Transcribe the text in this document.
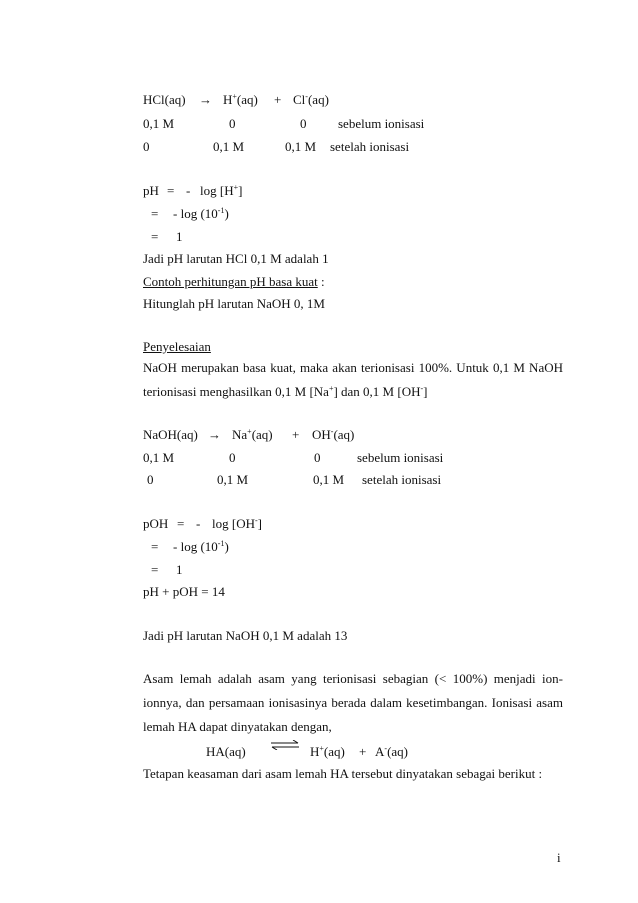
HCl(aq) → H+(aq) + Cl-(aq)
0,1 M	0	0 sebelum ionisasi
0	0,1 M	0,1 M setelah ionisasi
pH = - log [H+]
= - $\log (10^{-1})$
= 1
Jadi pH larutan HCl 0,1 M adalah 1
Contoh perhitungan pH basa kuat :
Hitunglah pH larutan NaOH 0, 1M
Penyelesaian
NaOH merupakan basa kuat, maka akan terionisasi 100%. Untuk 0,1 M NaOH
terionisasi menghasilkan 0,1 M [Na+] dan 0,1 M [OH-]
NaOH(aq) → Na+(aq) + OH-(aq)
0,1 M	0	0	sebelum ionisasi
0	0,1 M	0,1 M setelah ionisasi
pOH = - log [OH-]
= - $\log (10^{-1})$
= 1
pH + pOH = 14
Jadi pH larutan NaOH 0,1 M adalah 13
Asam lemah adalah asam yang terionisasi sebagian (< 100%) menjadi ion-
ionnya, dan persamaan ionisasinya berada dalam kesetimbangan. Ionisasi asam
lemah HA dapat dinyatakan dengan,
HA(aq)	H+(aq) + A-(aq)
Tetapan keasaman dari asam lemah HA tersebut dinyatakan sebagai berikut :
i
